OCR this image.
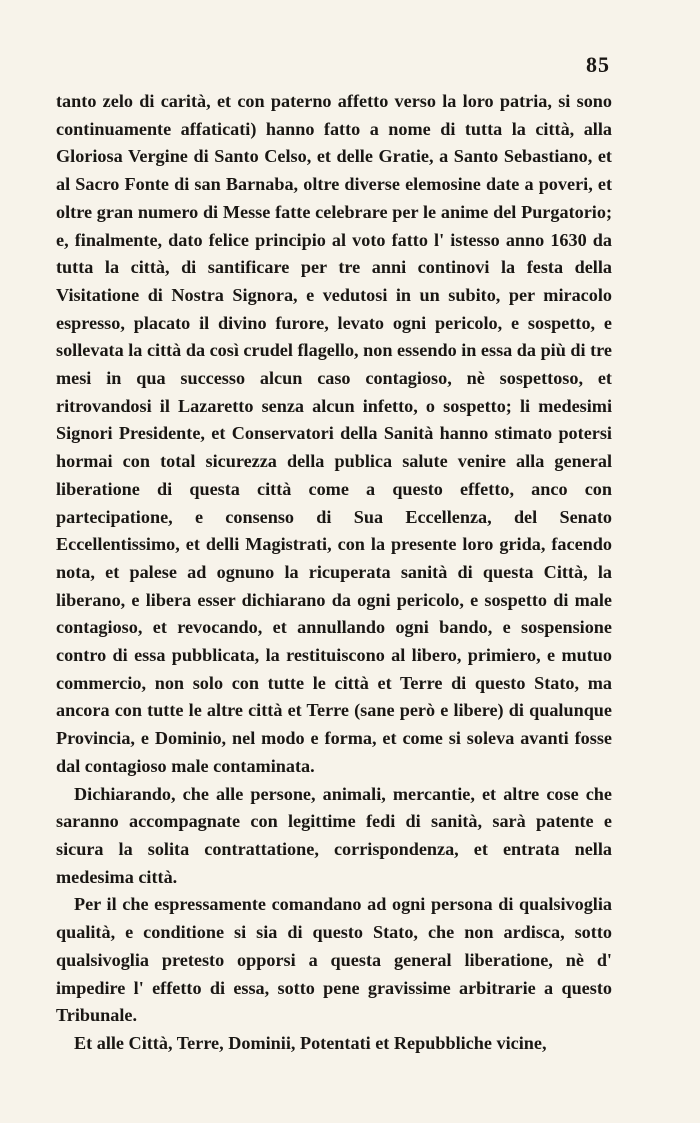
85

tanto zelo di carità, et con paterno affetto verso la loro patria, si sono continuamente affaticati) hanno fatto a nome di tutta la città, alla Gloriosa Vergine di Santo Celso, et delle Gratie, a Santo Sebastiano, et al Sacro Fonte di san Barnaba, oltre diverse elemosine date a poveri, et oltre gran numero di Messe fatte celebrare per le anime del Purgatorio; e, finalmente, dato felice principio al voto fatto l' istesso anno 1630 da tutta la città, di santificare per tre anni continovi la festa della Visitatione di Nostra Signora, e vedutosi in un subito, per miracolo espresso, placato il divino furore, levato ogni pericolo, e sospetto, e sollevata la città da così crudel flagello, non essendo in essa da più di tre mesi in qua successo alcun caso contagioso, nè sospettoso, et ritrovandosi il Lazaretto senza alcun infetto, o sospetto; li medesimi Signori Presidente, et Conservatori della Sanità hanno stimato potersi hormai con total sicurezza della publica salute venire alla general liberatione di questa città come a questo effetto, anco con partecipatione, e consenso di Sua Eccellenza, del Senato Eccellentissimo, et delli Magistrati, con la presente loro grida, facendo nota, et palese ad ognuno la ricuperata sanità di questa Città, la liberano, e libera esser dichiarano da ogni pericolo, e sospetto di male contagioso, et revocando, et annullando ogni bando, e sospensione contro di essa pubblicata, la restituiscono al libero, primiero, e mutuo commercio, non solo con tutte le città et Terre di questo Stato, ma ancora con tutte le altre città et Terre (sane però e libere) di qualunque Provincia, e Dominio, nel modo e forma, et come si soleva avanti fosse dal contagioso male contaminata.

Dichiarando, che alle persone, animali, mercantie, et altre cose che saranno accompagnate con legittime fedi di sanità, sarà patente e sicura la solita contrattatione, corrispondenza, et entrata nella medesima città.

Per il che espressamente comandano ad ogni persona di qualsivoglia qualità, e conditione si sia di questo Stato, che non ardisca, sotto qualsivoglia pretesto opporsi a questa general liberatione, nè d' impedire l' effetto di essa, sotto pene gravissime arbitrarie a questo Tribunale.

Et alle Città, Terre, Dominii, Potentati et Repubbliche vicine,
